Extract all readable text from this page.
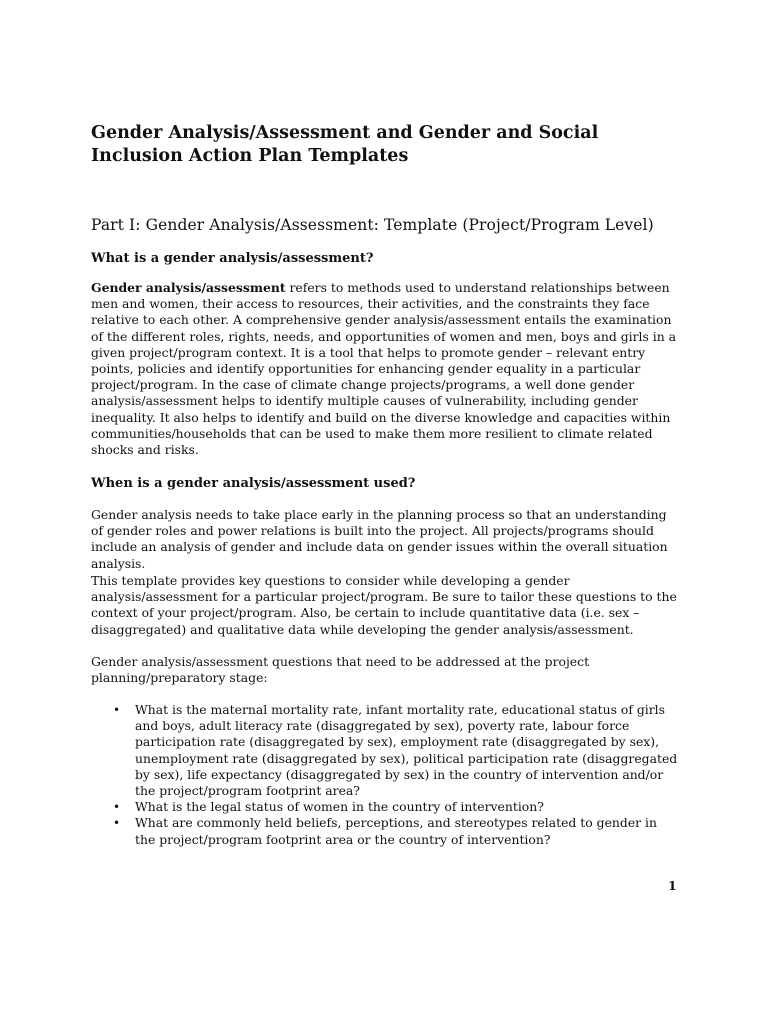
Gender Analysis/Assessment and Gender and Social Inclusion Action Plan Templates
Part I: Gender Analysis/Assessment: Template (Project/Program Level)
What is a gender analysis/assessment?

Gender analysis/assessment refers to methods used to understand relationships between men and women, their access to resources, their activities, and the constraints they face relative to each other. A comprehensive gender analysis/assessment entails the examination of the different roles, rights, needs, and opportunities of women and men, boys and girls in a given project/program context. It is a tool that helps to promote gender – relevant entry points, policies and identify opportunities for enhancing gender equality in a particular project/program. In the case of climate change projects/programs, a well done gender analysis/assessment helps to identify multiple causes of vulnerability, including gender inequality. It also helps to identify and build on the diverse knowledge and capacities within communities/households that can be used to make them more resilient to climate related shocks and risks.

When is a gender analysis/assessment used?

Gender analysis needs to take place early in the planning process so that an understanding of gender roles and power relations is built into the project. All projects/programs should include an analysis of gender and include data on gender issues within the overall situation analysis.

This template provides key questions to consider while developing a gender analysis/assessment for a particular project/program. Be sure to tailor these questions to the context of your project/program. Also, be certain to include quantitative data (i.e. sex – disaggregated) and qualitative data while developing the gender analysis/assessment.

Gender analysis/assessment questions that need to be addressed at the project planning/preparatory stage:

• What is the maternal mortality rate, infant mortality rate, educational status of girls and boys, adult literacy rate (disaggregated by sex), poverty rate, labour force participation rate (disaggregated by sex), employment rate (disaggregated by sex), unemployment rate (disaggregated by sex), political participation rate (disaggregated by sex), life expectancy (disaggregated by sex) in the country of intervention and/or the project/program footprint area?
• What is the legal status of women in the country of intervention?
• What are commonly held beliefs, perceptions, and stereotypes related to gender in the project/program footprint area or the country of intervention?
1
